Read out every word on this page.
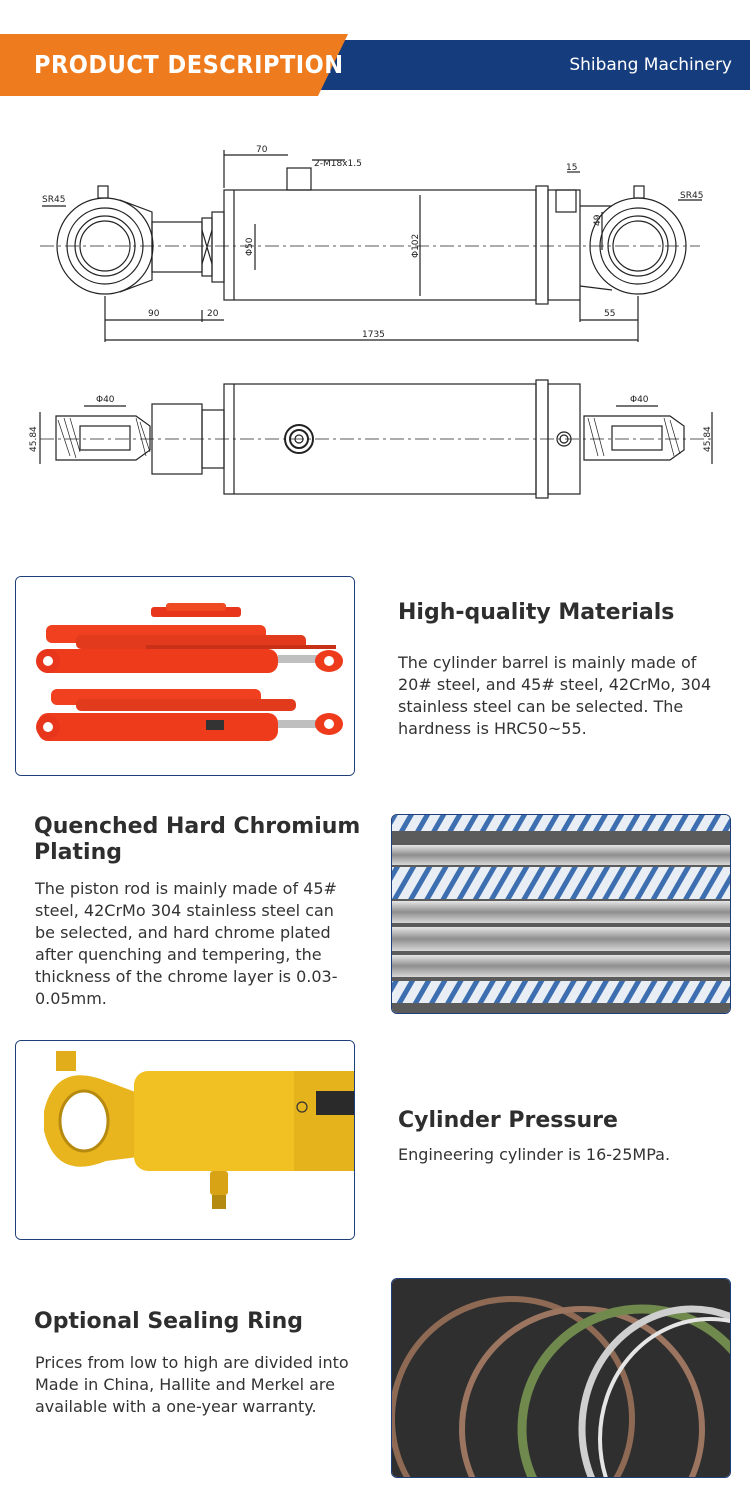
PRODUCT DESCRIPTION	Shibang Machinery
70
2-M18x1.5
SR45	SR45
15
49
Φ50	Φ102
90	20	55
1735
Φ40	Φ40
45.84	45.84
High-quality Materials
The cylinder barrel is mainly made of 20# steel, and 45# steel, 42CrMo, 304 stainless steel can be selected. The hardness is HRC50~55.
Quenched Hard Chromium Plating
The piston rod is mainly made of 45# steel, 42CrMo 304 stainless steel can be selected, and hard chrome plated after quenching and tempering, the thickness of the chrome layer is 0.03-0.05mm.
Cylinder Pressure
Engineering cylinder is 16-25MPa.
Optional Sealing Ring
Prices from low to high are divided into Made in China, Hallite and Merkel are available with a one-year warranty.
